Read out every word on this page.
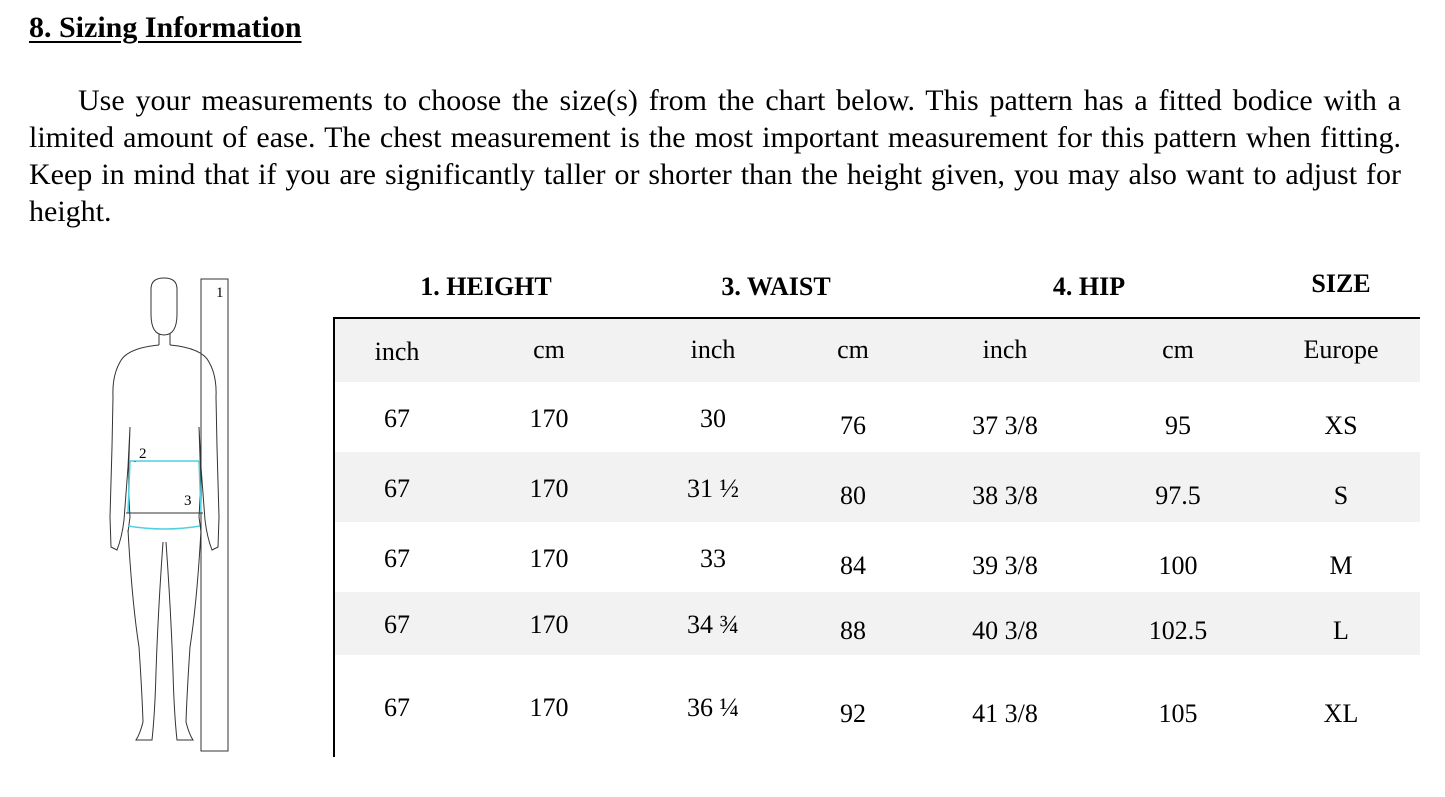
8. Sizing Information

Use your measurements to choose the size(s) from the chart below. This pattern has a fitted bodice with a limited amount of ease. The chest measurement is the most important measurement for this pattern when fitting. Keep in mind that if you are significantly taller or shorter than the height given, you may also want to adjust for height.

1
2
3
1. HEIGHT	3. WAIST	4. HIP	SIZE
inch	cm	inch	cm	inch	cm	Europe
67	170	30	76	37 3/8	95	XS
67	170	31 ½	80	38 3/8	97.5	S
67	170	33	84	39 3/8	100	M
67	170	34 ¾	88	40 3/8	102.5	L
67	170	36 ¼	92	41 3/8	105	XL
